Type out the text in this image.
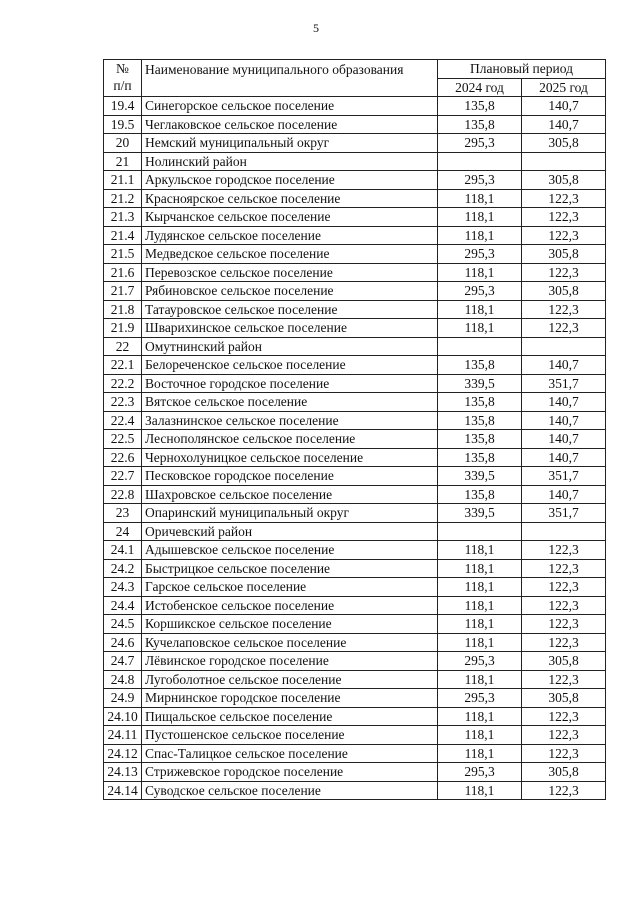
5
№
п/п	Наименование муниципального образования	Плановый период	
		2024 год	2025 год
19.4	Синегорское сельское поселение	135,8	140,7
19.5	Чеглаковское сельское поселение	135,8	140,7
20	Немский муниципальный округ	295,3	305,8
21	Нолинский район		
21.1	Аркульское городское поселение	295,3	305,8
21.2	Красноярское сельское поселение	118,1	122,3
21.3	Кырчанское сельское поселение	118,1	122,3
21.4	Лудянское сельское поселение	118,1	122,3
21.5	Медведское сельское поселение	295,3	305,8
21.6	Перевозское сельское поселение	118,1	122,3
21.7	Рябиновское сельское поселение	295,3	305,8
21.8	Татауровское сельское поселение	118,1	122,3
21.9	Шварихинское сельское поселение	118,1	122,3
22	Омутнинский район		
22.1	Белореченское сельское поселение	135,8	140,7
22.2	Восточное городское поселение	339,5	351,7
22.3	Вятское сельское поселение	135,8	140,7
22.4	Залазнинское сельское поселение	135,8	140,7
22.5	Леснополянское сельское поселение	135,8	140,7
22.6	Чернохолуницкое сельское поселение	135,8	140,7
22.7	Песковское городское поселение	339,5	351,7
22.8	Шахровское сельское поселение	135,8	140,7
23	Опаринский муниципальный округ	339,5	351,7
24	Оричевский район		
24.1	Адышевское сельское поселение	118,1	122,3
24.2	Быстрицкое сельское поселение	118,1	122,3
24.3	Гарское сельское поселение	118,1	122,3
24.4	Истобенское сельское поселение	118,1	122,3
24.5	Коршикское сельское поселение	118,1	122,3
24.6	Кучелаповское сельское поселение	118,1	122,3
24.7	Лёвинское городское поселение	295,3	305,8
24.8	Лугоболотное сельское поселение	118,1	122,3
24.9	Мирнинское городское поселение	295,3	305,8
24.10	Пищальское сельское поселение	118,1	122,3
24.11	Пустошенское сельское поселение	118,1	122,3
24.12	Спас-Талицкое сельское поселение	118,1	122,3
24.13	Стрижевское городское поселение	295,3	305,8
24.14	Суводское сельское поселение	118,1	122,3
